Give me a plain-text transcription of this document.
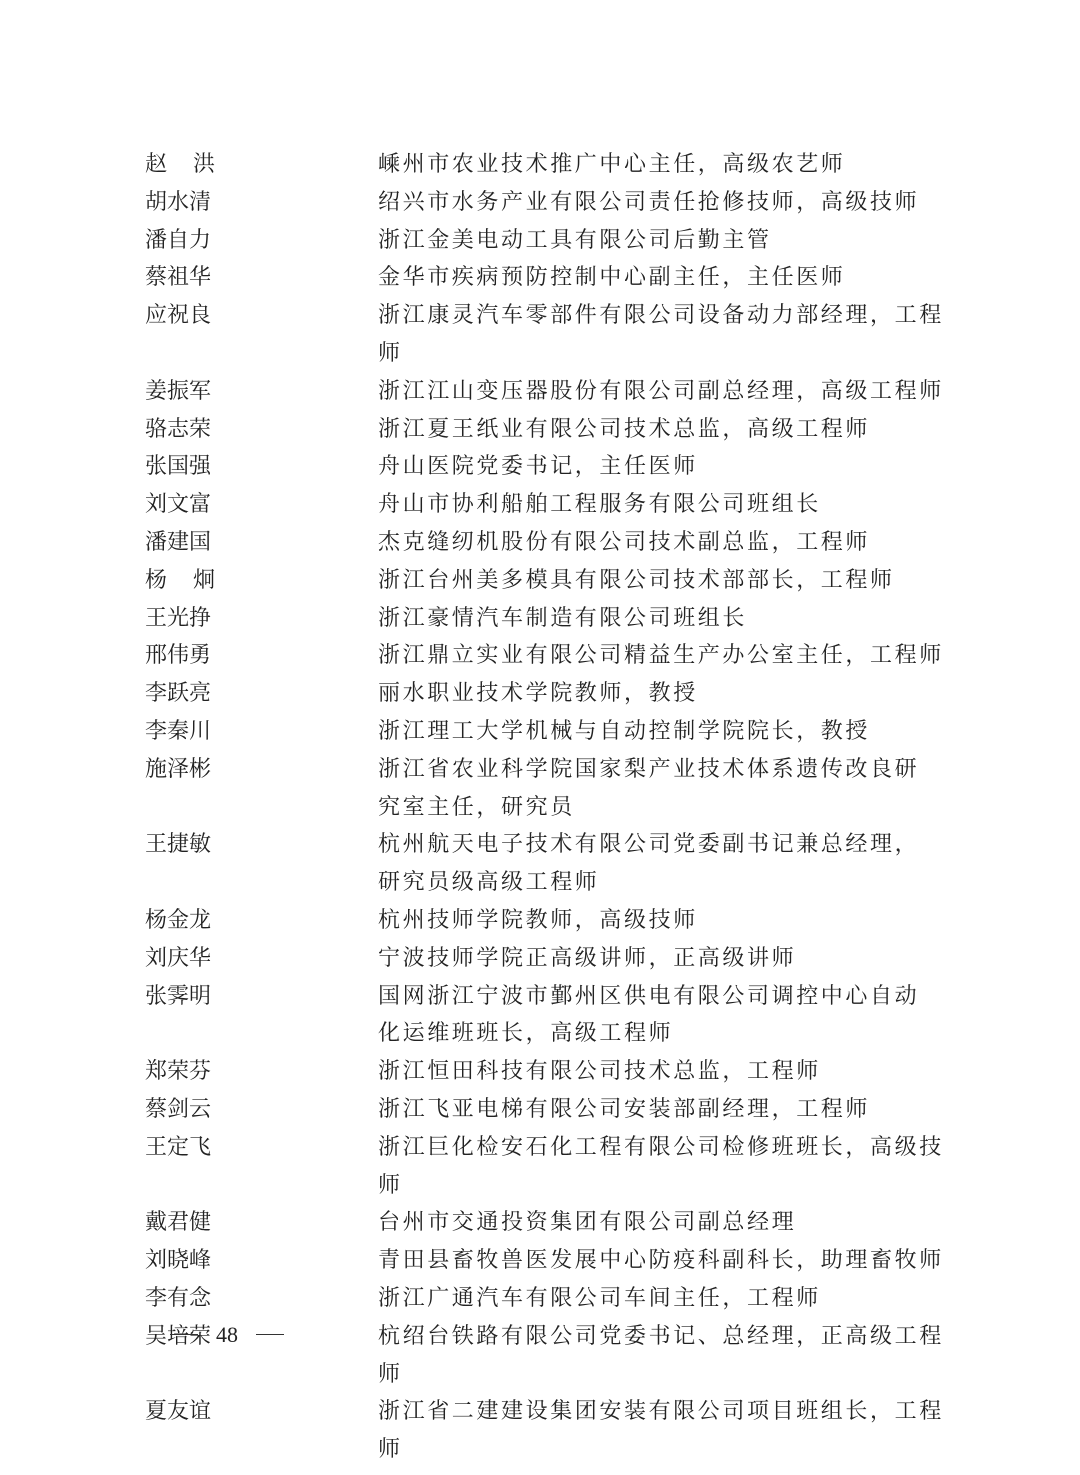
赵 洪	嵊州市农业技术推广中心主任，高级农艺师
胡水清	绍兴市水务产业有限公司责任抢修技师，高级技师
潘自力	浙江金美电动工具有限公司后勤主管
蔡祖华	金华市疾病预防控制中心副主任，主任医师
应祝良	浙江康灵汽车零部件有限公司设备动力部经理，工程师
姜振军	浙江江山变压器股份有限公司副总经理，高级工程师
骆志荣	浙江夏王纸业有限公司技术总监，高级工程师
张国强	舟山医院党委书记，主任医师
刘文富	舟山市协利船舶工程服务有限公司班组长
潘建国	杰克缝纫机股份有限公司技术副总监，工程师
杨 炯	浙江台州美多模具有限公司技术部部长，工程师
王光挣	浙江豪情汽车制造有限公司班组长
邢伟勇	浙江鼎立实业有限公司精益生产办公室主任，工程师
李跃亮	丽水职业技术学院教师，教授
李秦川	浙江理工大学机械与自动控制学院院长，教授
施泽彬	浙江省农业科学院国家梨产业技术体系遗传改良研
究室主任，研究员
王捷敏	杭州航天电子技术有限公司党委副书记兼总经理，
研究员级高级工程师
杨金龙	杭州技师学院教师，高级技师
刘庆华	宁波技师学院正高级讲师，正高级讲师
张霁明	国网浙江宁波市鄞州区供电有限公司调控中心自动
化运维班班长，高级工程师
郑荣芬	浙江恒田科技有限公司技术总监，工程师
蔡剑云	浙江飞亚电梯有限公司安装部副经理，工程师
王定飞	浙江巨化检安石化工程有限公司检修班班长，高级技师
戴君健	台州市交通投资集团有限公司副总经理
刘晓峰	青田县畜牧兽医发展中心防疫科副科长，助理畜牧师
李有念	浙江广通汽车有限公司车间主任，工程师
吴培荣	杭绍台铁路有限公司党委书记、总经理，正高级工程师
夏友谊	浙江省二建建设集团安装有限公司项目班组长，工程师
48
